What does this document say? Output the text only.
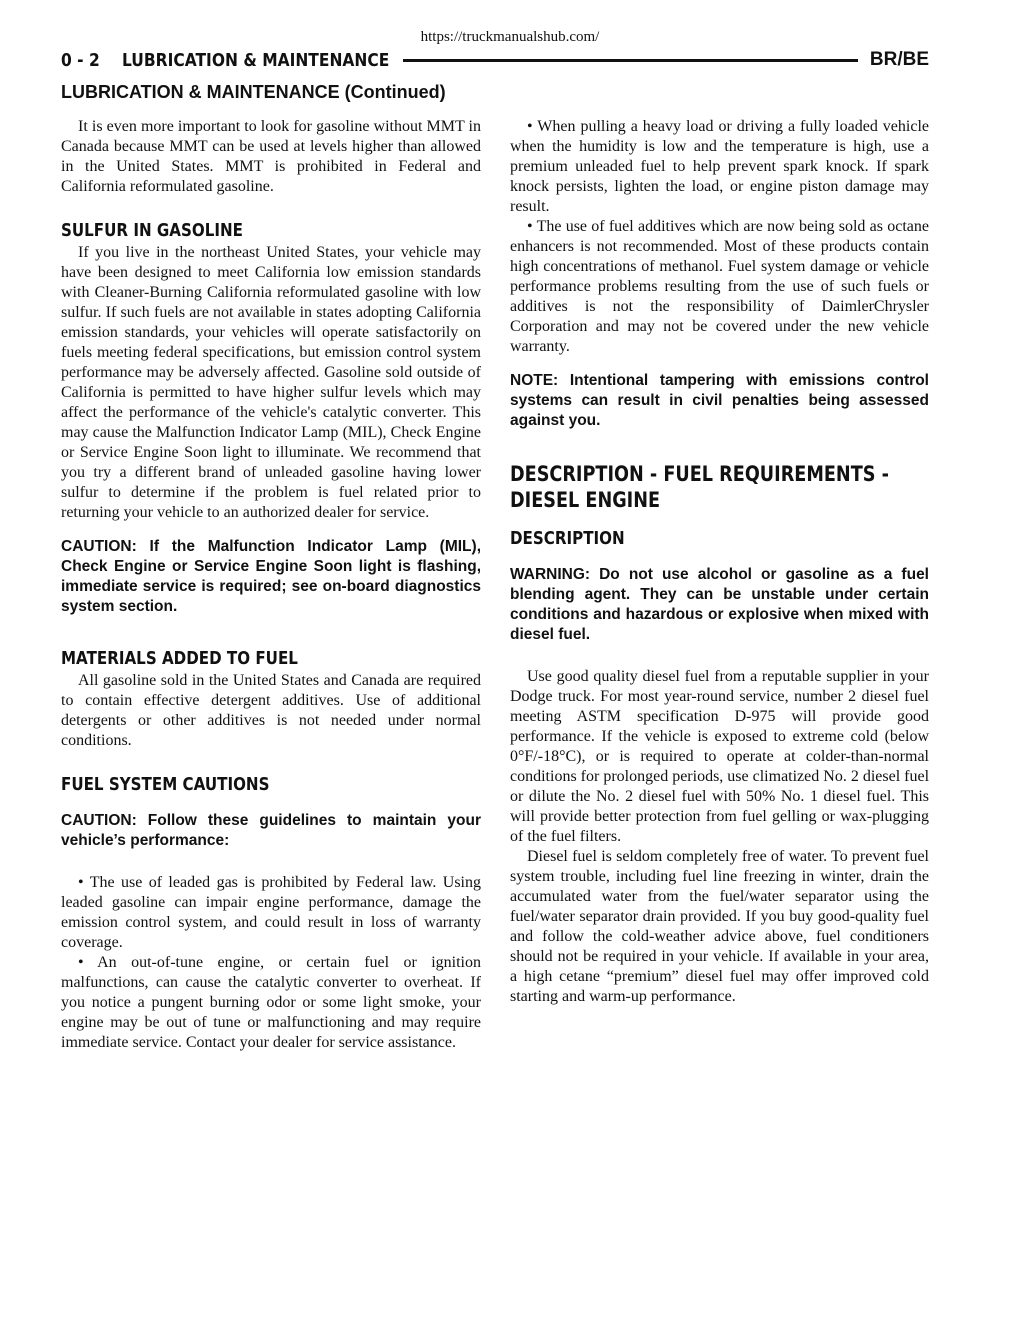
https://truckmanualshub.com/
0 - 2 LUBRICATION & MAINTENANCE	BR/BE
LUBRICATION & MAINTENANCE (Continued)

It is even more important to look for gasoline without MMT in Canada because MMT can be used at levels higher than allowed in the United States. MMT is prohibited in Federal and California reformulated gasoline.

SULFUR IN GASOLINE

If you live in the northeast United States, your vehicle may have been designed to meet California low emission standards with Cleaner-Burning California reformulated gasoline with low sulfur. If such fuels are not available in states adopting California emission standards, your vehicles will operate satisfactorily on fuels meeting federal specifications, but emission control system performance may be adversely affected. Gasoline sold outside of California is permitted to have higher sulfur levels which may affect the performance of the vehicle's catalytic converter. This may cause the Malfunction Indicator Lamp (MIL), Check Engine or Service Engine Soon light to illuminate. We recommend that you try a different brand of unleaded gasoline having lower sulfur to determine if the problem is fuel related prior to returning your vehicle to an authorized dealer for service.

CAUTION: If the Malfunction Indicator Lamp (MIL), Check Engine or Service Engine Soon light is flashing, immediate service is required; see on-board diagnostics system section.

MATERIALS ADDED TO FUEL

All gasoline sold in the United States and Canada are required to contain effective detergent additives. Use of additional detergents or other additives is not needed under normal conditions.

FUEL SYSTEM CAUTIONS

CAUTION: Follow these guidelines to maintain your vehicle’s performance:

• The use of leaded gas is prohibited by Federal law. Using leaded gasoline can impair engine performance, damage the emission control system, and could result in loss of warranty coverage.

• An out-of-tune engine, or certain fuel or ignition malfunctions, can cause the catalytic converter to overheat. If you notice a pungent burning odor or some light smoke, your engine may be out of tune or malfunctioning and may require immediate service. Contact your dealer for service assistance.

• When pulling a heavy load or driving a fully loaded vehicle when the humidity is low and the temperature is high, use a premium unleaded fuel to help prevent spark knock. If spark knock persists, lighten the load, or engine piston damage may result.

• The use of fuel additives which are now being sold as octane enhancers is not recommended. Most of these products contain high concentrations of methanol. Fuel system damage or vehicle performance problems resulting from the use of such fuels or additives is not the responsibility of DaimlerChrysler Corporation and may not be covered under the new vehicle warranty.

NOTE: Intentional tampering with emissions control systems can result in civil penalties being assessed against you.

DESCRIPTION - FUEL REQUIREMENTS -
DIESEL ENGINE
DESCRIPTION

WARNING: Do not use alcohol or gasoline as a fuel blending agent. They can be unstable under certain conditions and hazardous or explosive when mixed with diesel fuel.

Use good quality diesel fuel from a reputable supplier in your Dodge truck. For most year-round service, number 2 diesel fuel meeting ASTM specification D-975 will provide good performance. If the vehicle is exposed to extreme cold (below 0°F/-18°C), or is required to operate at colder-than-normal conditions for prolonged periods, use climatized No. 2 diesel fuel or dilute the No. 2 diesel fuel with 50% No. 1 diesel fuel. This will provide better protection from fuel gelling or wax-plugging of the fuel filters.

Diesel fuel is seldom completely free of water. To prevent fuel system trouble, including fuel line freezing in winter, drain the accumulated water from the fuel/water separator using the fuel/water separator drain provided. If you buy good-quality fuel and follow the cold-weather advice above, fuel conditioners should not be required in your vehicle. If available in your area, a high cetane “premium” diesel fuel may offer improved cold starting and warm-up performance.
